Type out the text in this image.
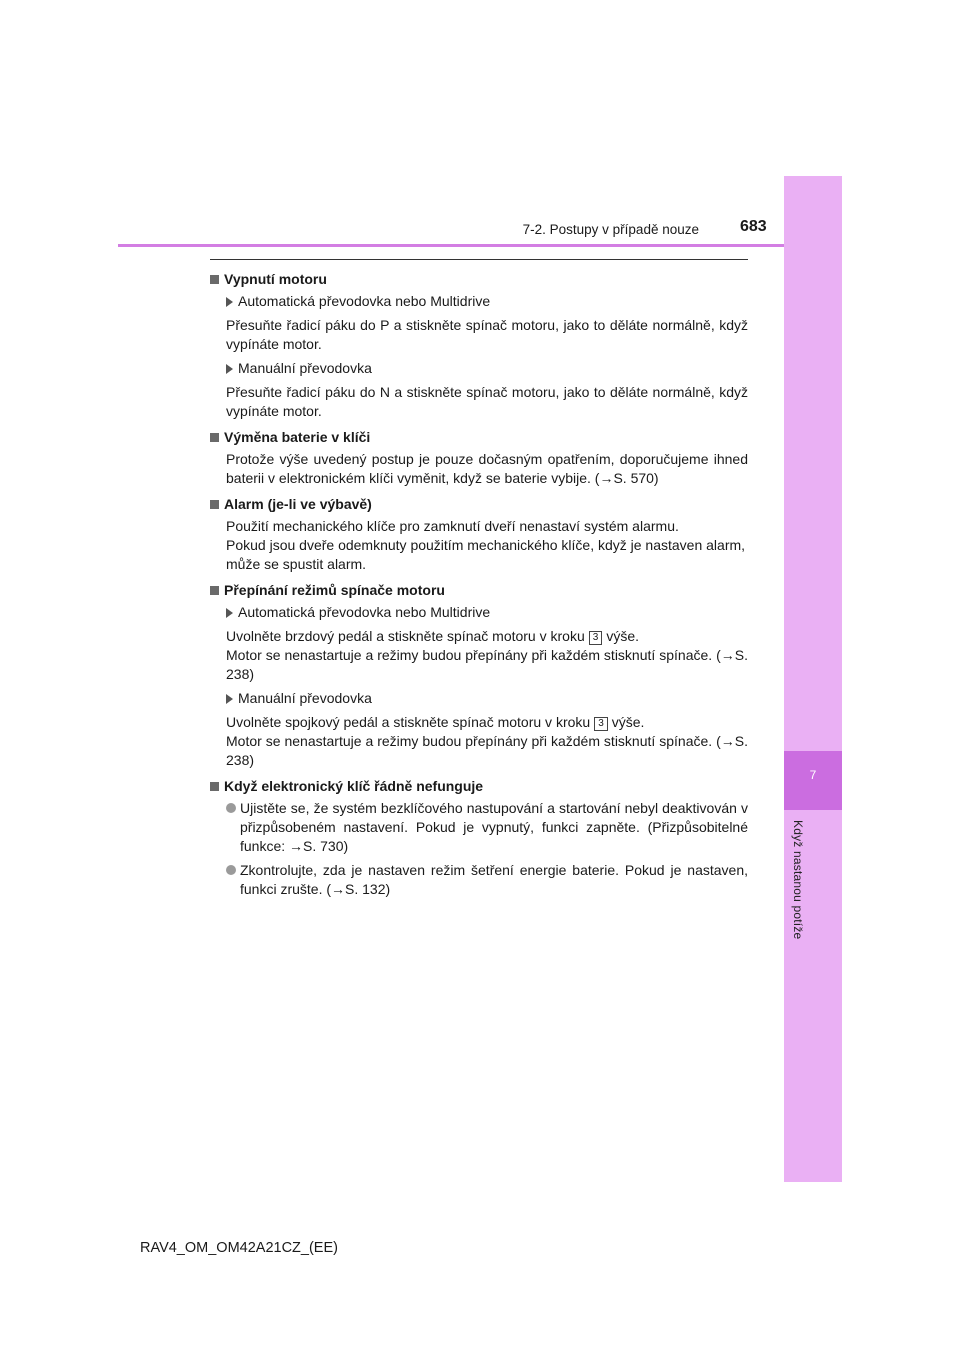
7
Když nastanou potíže
7-2. Postupy v případě nouze	683
Vypnutí motoru
Automatická převodovka nebo Multidrive
Přesuňte řadicí páku do P a stiskněte spínač motoru, jako to děláte normálně, když vypínáte motor.
Manuální převodovka
Přesuňte řadicí páku do N a stiskněte spínač motoru, jako to děláte normálně, když vypínáte motor.
Výměna baterie v klíči
Protože výše uvedený postup je pouze dočasným opatřením, doporučujeme ihned baterii v elektronickém klíči vyměnit, když se baterie vybije. (→S. 570)
Alarm (je-li ve výbavě)
Použití mechanického klíče pro zamknutí dveří nenastaví systém alarmu.
Pokud jsou dveře odemknuty použitím mechanického klíče, když je nastaven alarm, může se spustit alarm.
Přepínání režimů spínače motoru
Automatická převodovka nebo Multidrive
Uvolněte brzdový pedál a stiskněte spínač motoru v kroku 3 výše.
Motor se nenastartuje a režimy budou přepínány při každém stisknutí spínače. (→S. 238)
Manuální převodovka
Uvolněte spojkový pedál a stiskněte spínač motoru v kroku 3 výše.
Motor se nenastartuje a režimy budou přepínány při každém stisknutí spínače. (→S. 238)
Když elektronický klíč řádně nefunguje
Ujistěte se, že systém bezklíčového nastupování a startování nebyl deaktivován v přizpůsobeném nastavení. Pokud je vypnutý, funkci zapněte. (Přizpůsobitelné funkce: →S. 730)
Zkontrolujte, zda je nastaven režim šetření energie baterie. Pokud je nastaven, funkci zrušte. (→S. 132)
RAV4_OM_OM42A21CZ_(EE)
